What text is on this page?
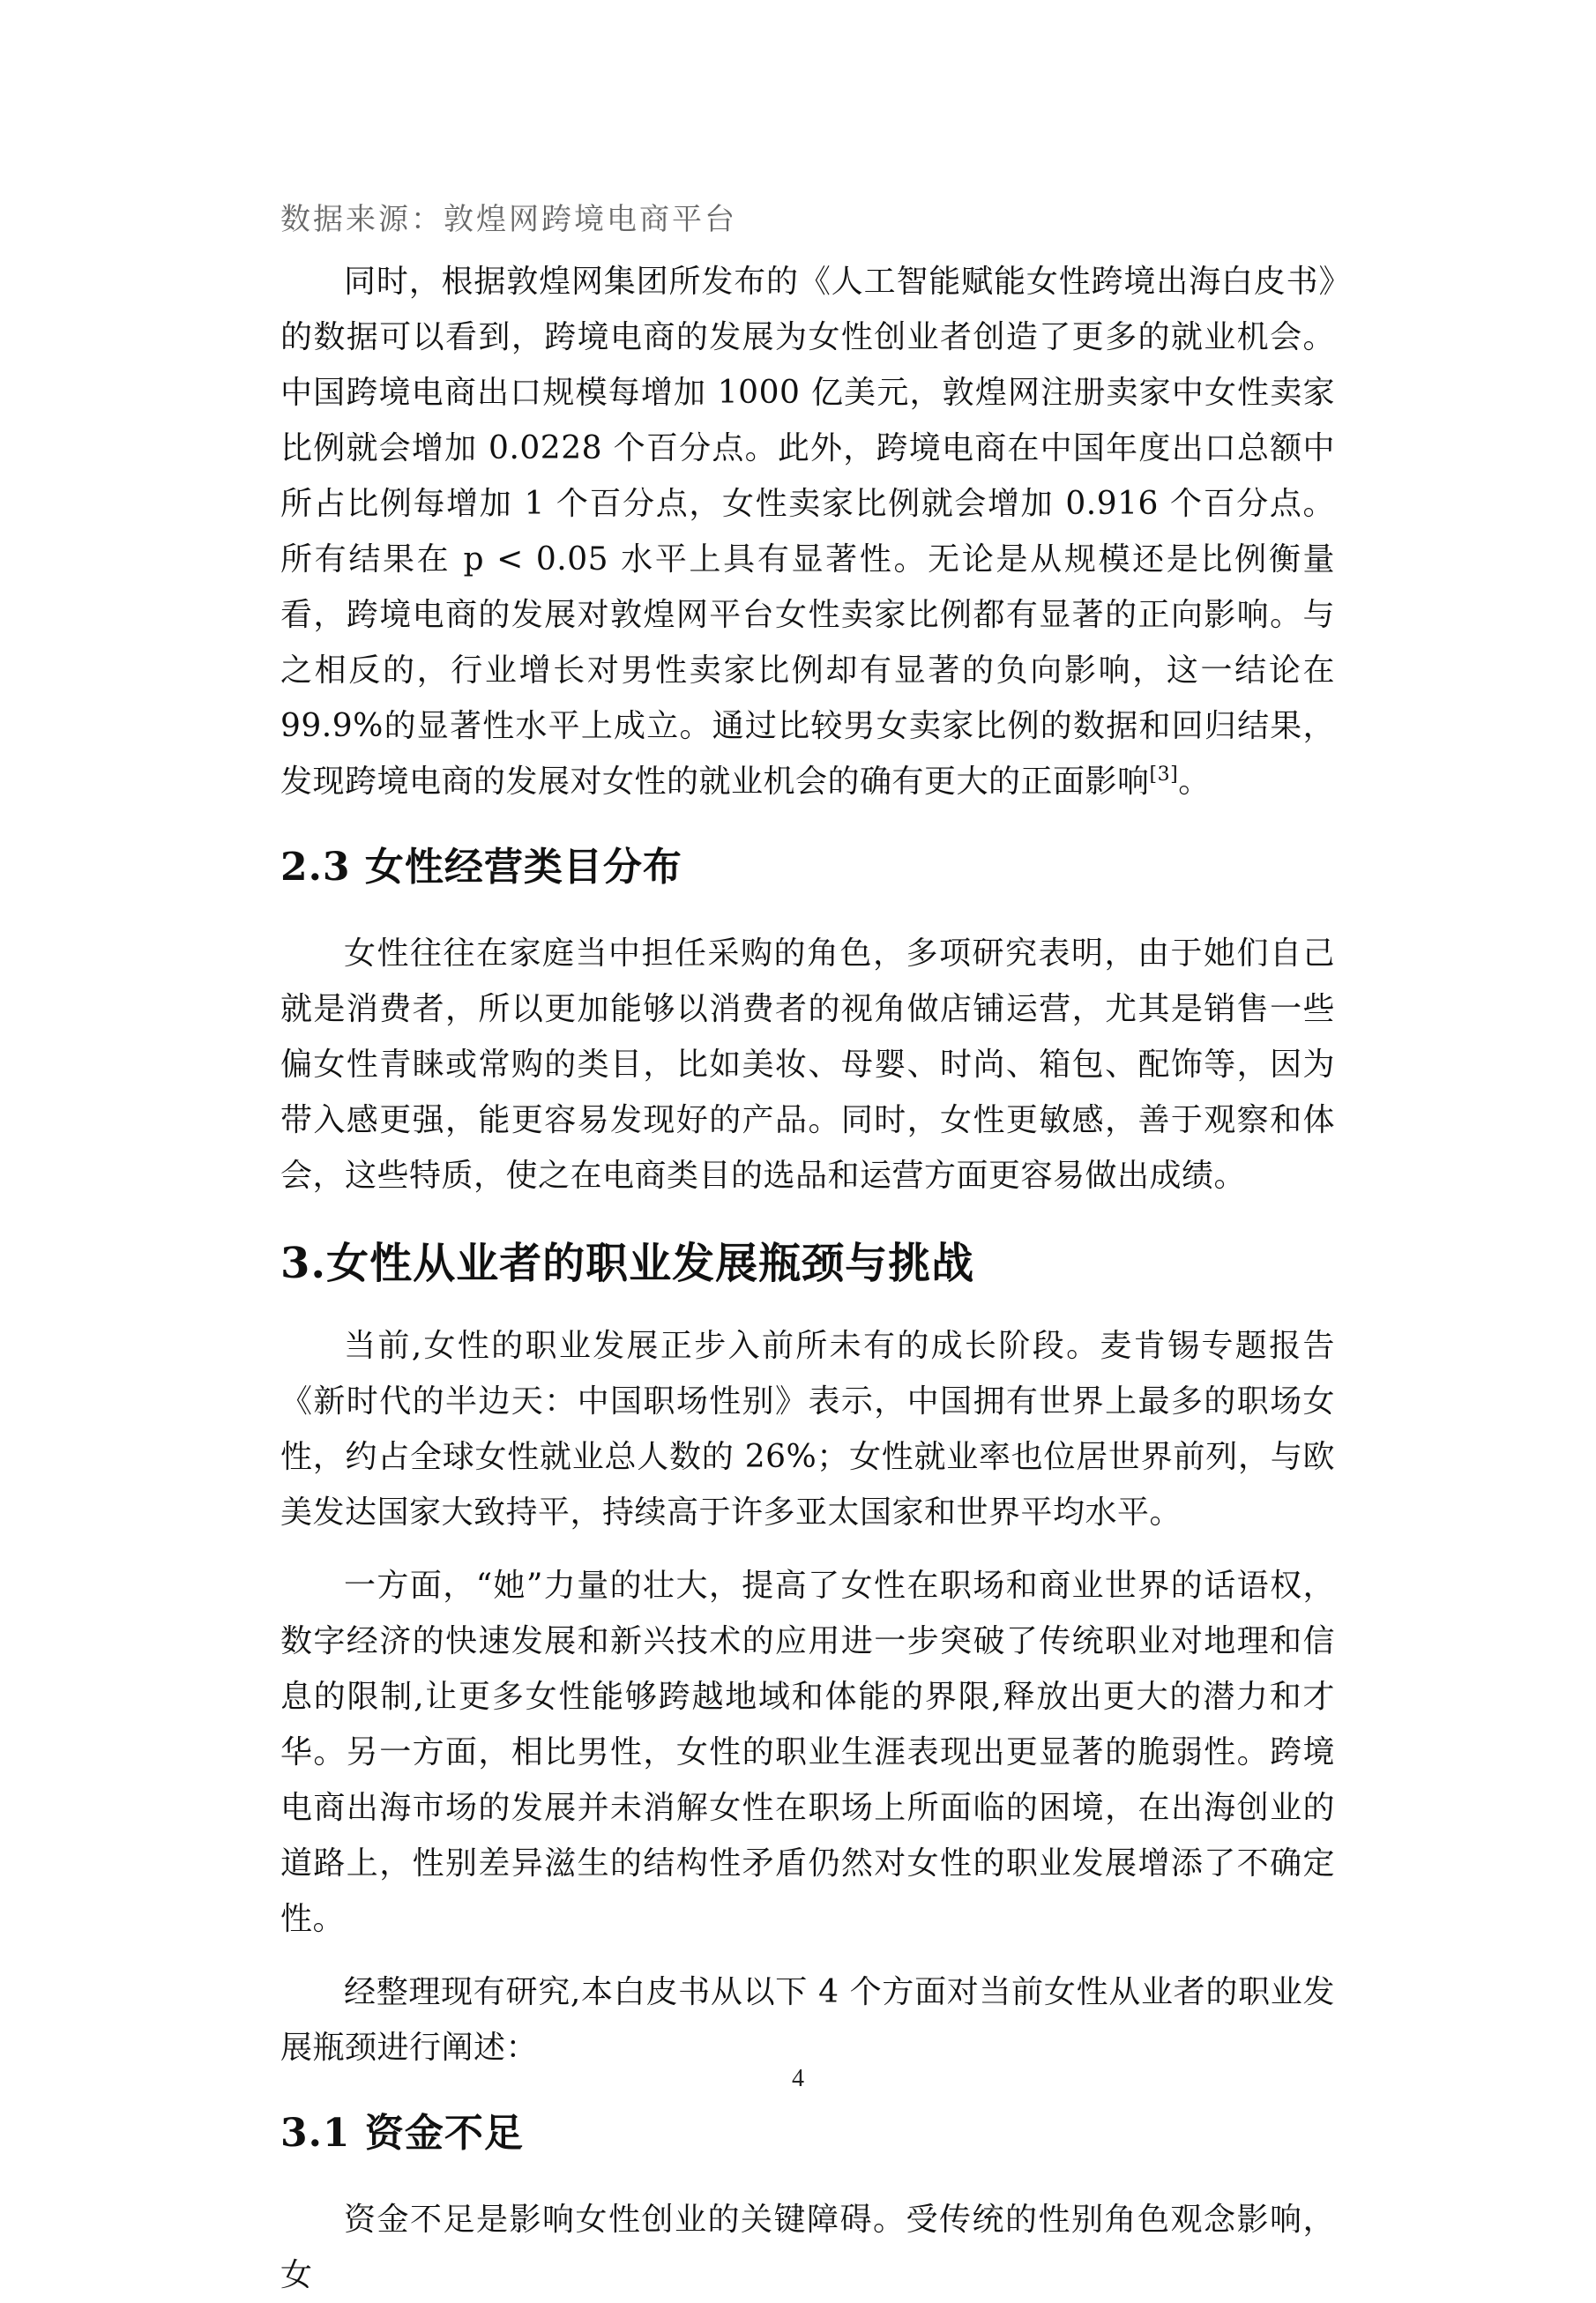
数据来源：敦煌网跨境电商平台

同时，根据敦煌网集团所发布的《人工智能赋能女性跨境出海白皮书》的数据可以看到，跨境电商的发展为女性创业者创造了更多的就业机会。中国跨境电商出口规模每增加 1000 亿美元，敦煌网注册卖家中女性卖家比例就会增加 0.0228 个百分点。此外，跨境电商在中国年度出口总额中所占比例每增加 1 个百分点，女性卖家比例就会增加 0.916 个百分点。所有结果在 p < 0.05 水平上具有显著性。无论是从规模还是比例衡量看，跨境电商的发展对敦煌网平台女性卖家比例都有显著的正向影响。与之相反的，行业增长对男性卖家比例却有显著的负向影响，这一结论在 99.9%的显著性水平上成立。通过比较男女卖家比例的数据和回归结果，发现跨境电商的发展对女性的就业机会的确有更大的正面影响[3]。

2.3 女性经营类目分布

女性往往在家庭当中担任采购的角色，多项研究表明，由于她们自己就是消费者，所以更加能够以消费者的视角做店铺运营，尤其是销售一些偏女性青睐或常购的类目，比如美妆、母婴、时尚、箱包、配饰等，因为带入感更强，能更容易发现好的产品。同时，女性更敏感，善于观察和体会，这些特质，使之在电商类目的选品和运营方面更容易做出成绩。

3.女性从业者的职业发展瓶颈与挑战

当前,女性的职业发展正步入前所未有的成长阶段。麦肯锡专题报告《新时代的半边天：中国职场性别》表示，中国拥有世界上最多的职场女性，约占全球女性就业总人数的 26%；女性就业率也位居世界前列，与欧美发达国家大致持平，持续高于许多亚太国家和世界平均水平。

一方面，“她”力量的壮大，提高了女性在职场和商业世界的话语权，数字经济的快速发展和新兴技术的应用进一步突破了传统职业对地理和信息的限制,让更多女性能够跨越地域和体能的界限,释放出更大的潜力和才华。另一方面，相比男性，女性的职业生涯表现出更显著的脆弱性。跨境电商出海市场的发展并未消解女性在职场上所面临的困境，在出海创业的道路上，性别差异滋生的结构性矛盾仍然对女性的职业发展增添了不确定性。

经整理现有研究,本白皮书从以下 4 个方面对当前女性从业者的职业发展瓶颈进行阐述：

3.1 资金不足

资金不足是影响女性创业的关键障碍。受传统的性别角色观念影响，女

4
